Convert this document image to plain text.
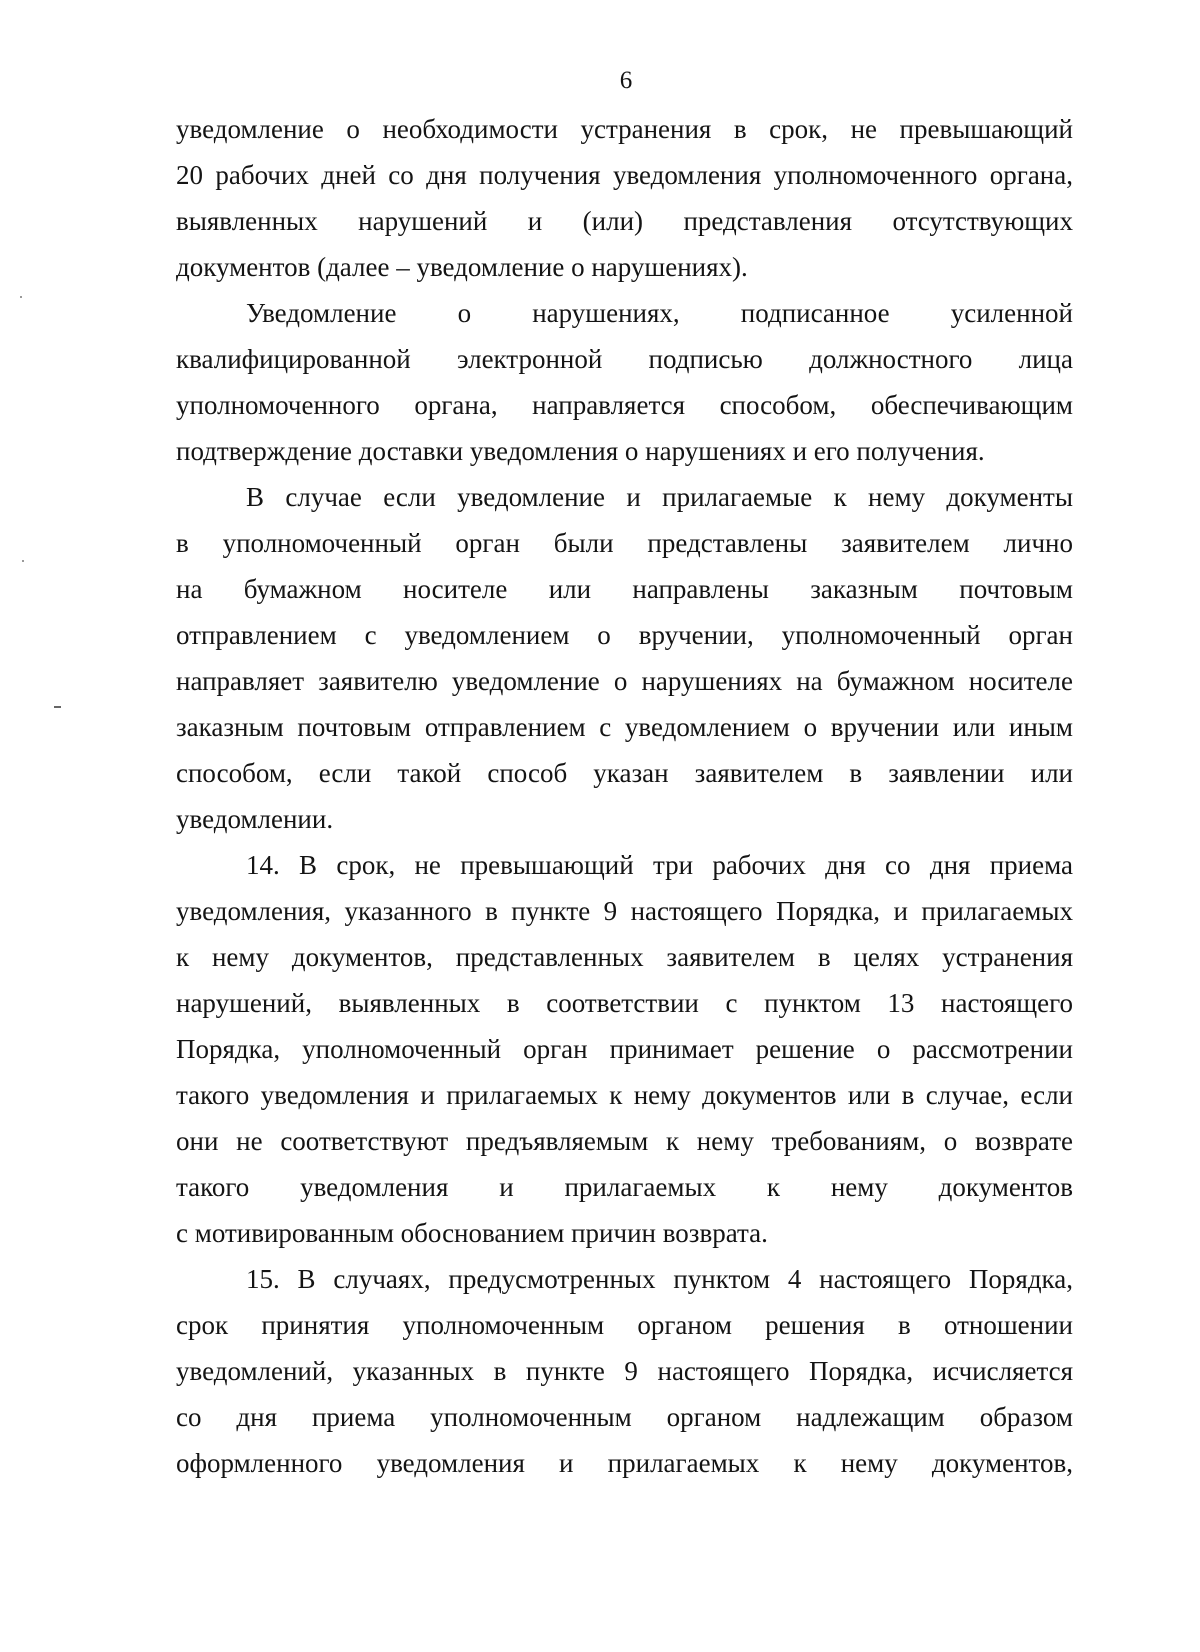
6
уведомление о необходимости устранения в срок, не превышающий
20 рабочих дней со дня получения уведомления уполномоченного органа,
выявленных нарушений и (или) представления отсутствующих
документов (далее – уведомление о нарушениях).
Уведомление о нарушениях, подписанное усиленной
квалифицированной электронной подписью должностного лица
уполномоченного органа, направляется способом, обеспечивающим
подтверждение доставки уведомления о нарушениях и его получения.
В случае если уведомление и прилагаемые к нему документы
в уполномоченный орган были представлены заявителем лично
на бумажном носителе или направлены заказным почтовым
отправлением с уведомлением о вручении, уполномоченный орган
направляет заявителю уведомление о нарушениях на бумажном носителе
заказным почтовым отправлением с уведомлением о вручении или иным
способом, если такой способ указан заявителем в заявлении или
уведомлении.
14. В срок, не превышающий три рабочих дня со дня приема
уведомления, указанного в пункте 9 настоящего Порядка, и прилагаемых
к нему документов, представленных заявителем в целях устранения
нарушений, выявленных в соответствии с пунктом 13 настоящего
Порядка, уполномоченный орган принимает решение о рассмотрении
такого уведомления и прилагаемых к нему документов или в случае, если
они не соответствуют предъявляемым к нему требованиям, о возврате
такого уведомления и прилагаемых к нему документов
с мотивированным обоснованием причин возврата.
15. В случаях, предусмотренных пунктом 4 настоящего Порядка,
срок принятия уполномоченным органом решения в отношении
уведомлений, указанных в пункте 9 настоящего Порядка, исчисляется
со дня приема уполномоченным органом надлежащим образом
оформленного уведомления и прилагаемых к нему документов,
